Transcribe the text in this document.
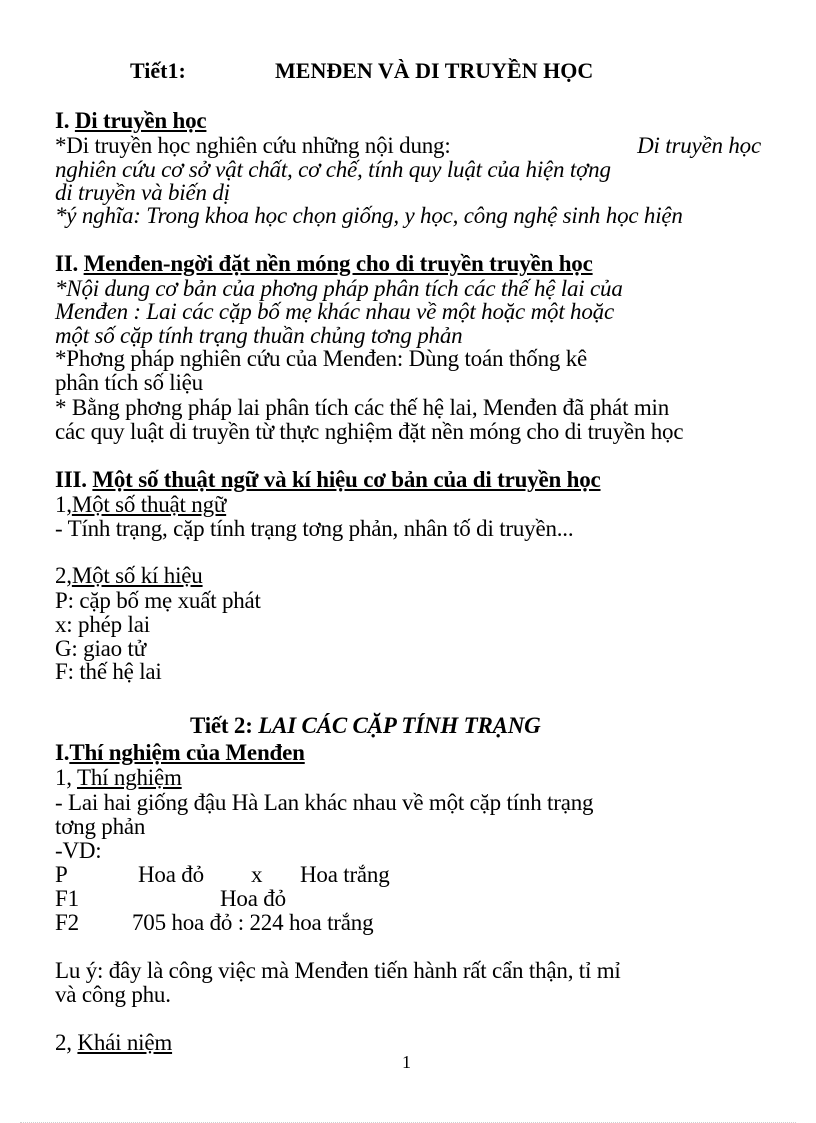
Tiết1:	MENĐEN VÀ DI TRUYỀN HỌC
I. Di truyền học
*Di truyền học nghiên cứu những nội dung:	Di truyền học
nghiên cứu cơ sở vật chất, cơ chế, tính quy luật của hiện tợng
di truyền và biến dị
*ý nghĩa: Trong khoa học chọn giống, y học, công nghệ sinh học hiện
II. Menđen-ngời đặt nền móng cho di truyền truyền học
*Nội dung cơ bản của phơng pháp phân tích các thế hệ lai của
Menđen : Lai các cặp bố mẹ khác nhau về một hoặc một hoặc
một số cặp tính trạng thuần chủng tơng phản
*Phơng pháp nghiên cứu của Menđen: Dùng toán thống kê
phân tích số liệu
* Bằng phơng pháp lai phân tích các thế hệ lai, Menđen đã phát min
các quy luật di truyền từ thực nghiệm đặt nền móng cho di truyền học
III. Một số thuật ngữ và kí hiệu cơ bản của di truyền học
1,Một số thuật ngữ
- Tính trạng, cặp tính trạng tơng phản, nhân tố di truyền...
2,Một số kí hiệu
P: cặp bố mẹ xuất phát
x: phép lai
G: giao tử
F: thế hệ lai
Tiết 2: LAI CÁC CẶP TÍNH TRẠNG
I.Thí nghiệm của Menđen
1, Thí nghiệm
- Lai hai giống đậu Hà Lan khác nhau về một cặp tính trạng
tơng phản
-VD:
P	Hoa đỏ x Hoa trắng
F1	Hoa đỏ
F2 705 hoa đỏ : 224 hoa trắng
Lu ý: đây là công việc mà Menđen tiến hành rất cẩn thận, tỉ mỉ
và công phu.
2, Khái niệm
1
